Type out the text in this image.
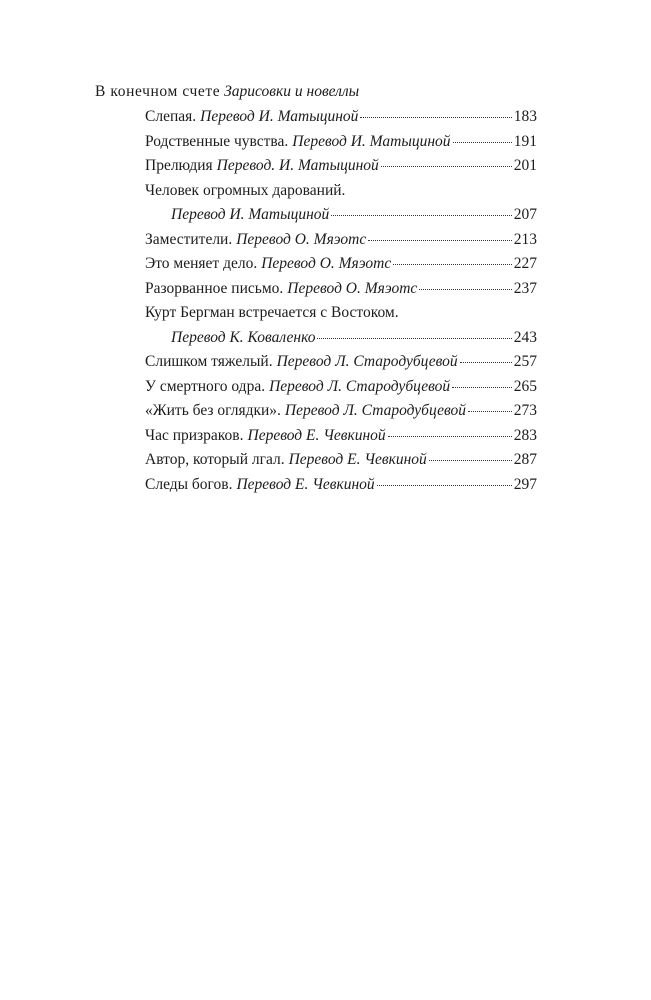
В конечном счете Зарисовки и новеллы
Слепая. Перевод И. Матыциной	183
Родственные чувства. Перевод И. Матыциной	191
Прелюдия Перевод. И. Матыциной	201
Человек огромных дарований.
Перевод И. Матыциной	207
Заместители. Перевод О. Мяэотс	213
Это меняет дело. Перевод О. Мяэотс	227
Разорванное письмо. Перевод О. Мяэотс	237
Курт Бергман встречается с Востоком.
Перевод К. Коваленко	243
Слишком тяжелый. Перевод Л. Стародубцевой	257
У смертного одра. Перевод Л. Стародубцевой	265
«Жить без оглядки». Перевод Л. Стародубцевой	273
Час призраков. Перевод Е. Чевкиной	283
Автор, который лгал. Перевод Е. Чевкиной	287
Следы богов. Перевод Е. Чевкиной	297
